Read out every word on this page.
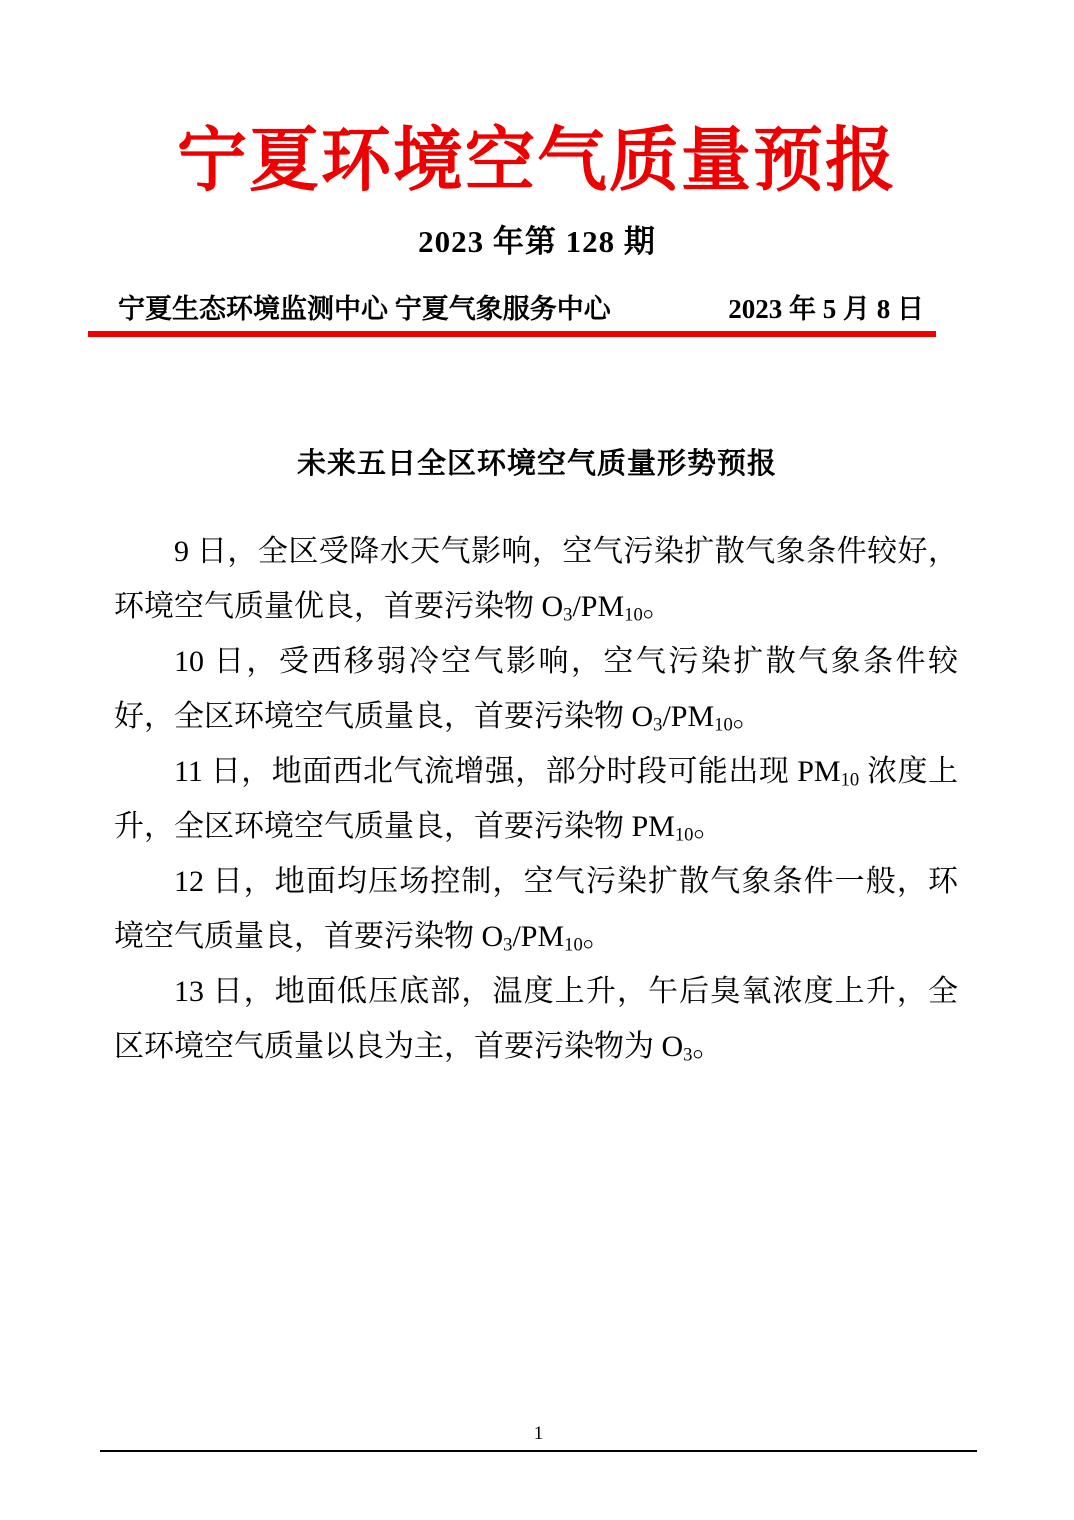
宁夏环境空气质量预报
2023 年第 128 期
宁夏生态环境监测中心 宁夏气象服务中心	2023 年 5 月 8 日
未来五日全区环境空气质量形势预报

9 日，全区受降水天气影响，空气污染扩散气象条件较好，环境空气质量优良，首要污染物 $O_3/PM_{10}$。

10 日，受西移弱冷空气影响，空气污染扩散气象条件较好，全区环境空气质量良，首要污染物 $O_3/PM_{10}$。

11 日，地面西北气流增强，部分时段可能出现 $PM_{10}$ 浓度上升，全区环境空气质量良，首要污染物 $PM_{10}$。

12 日，地面均压场控制，空气污染扩散气象条件一般，环境空气质量良，首要污染物 $O_3/PM_{10}$。

13 日，地面低压底部，温度上升，午后臭氧浓度上升，全区环境空气质量以良为主，首要污染物为 $O_3$。

1
